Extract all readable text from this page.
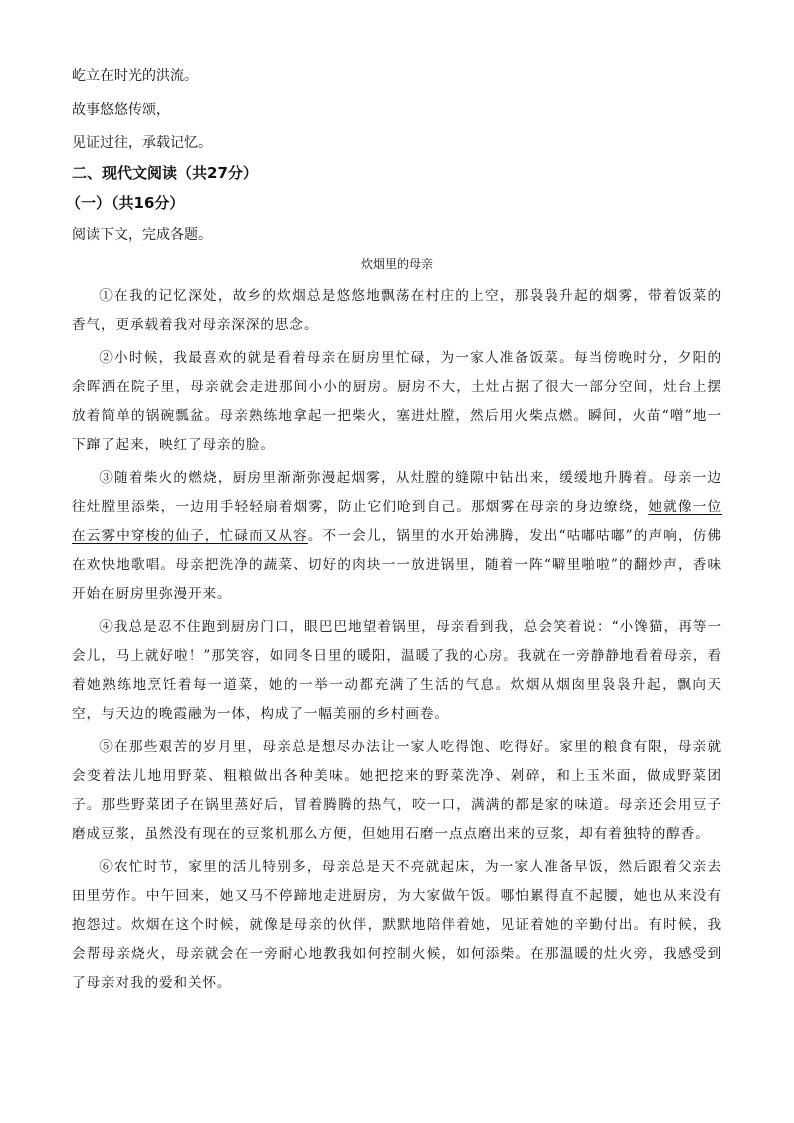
屹立在时光的洪流。
故事悠悠传颂，
见证过往，承载记忆。
二、现代文阅读（共27分）
（一）（共16分）
阅读下文，完成各题。
炊烟里的母亲

①在我的记忆深处，故乡的炊烟总是悠悠地飘荡在村庄的上空，那袅袅升起的烟雾，带着饭菜的香气，更承载着我对母亲深深的思念。

②小时候，我最喜欢的就是看着母亲在厨房里忙碌，为一家人准备饭菜。每当傍晚时分，夕阳的余晖洒在院子里，母亲就会走进那间小小的厨房。厨房不大，土灶占据了很大一部分空间，灶台上摆放着简单的锅碗瓢盆。母亲熟练地拿起一把柴火，塞进灶膛，然后用火柴点燃。瞬间，火苗“噌”地一下蹿了起来，映红了母亲的脸。

③随着柴火的燃烧，厨房里渐渐弥漫起烟雾，从灶膛的缝隙中钻出来，缓缓地升腾着。母亲一边往灶膛里添柴，一边用手轻轻扇着烟雾，防止它们呛到自己。那烟雾在母亲的身边缭绕，她就像一位在云雾中穿梭的仙子，忙碌而又从容。不一会儿，锅里的水开始沸腾，发出“咕嘟咕嘟”的声响，仿佛在欢快地歌唱。母亲把洗净的蔬菜、切好的肉块一一放进锅里，随着一阵“噼里啪啦”的翻炒声，香味开始在厨房里弥漫开来。

④我总是忍不住跑到厨房门口，眼巴巴地望着锅里，母亲看到我，总会笑着说：“小馋猫，再等一会儿，马上就好啦！”那笑容，如同冬日里的暖阳，温暖了我的心房。我就在一旁静静地看着母亲，看着她熟练地烹饪着每一道菜，她的一举一动都充满了生活的气息。炊烟从烟囱里袅袅升起，飘向天空，与天边的晚霞融为一体，构成了一幅美丽的乡村画卷。

⑤在那些艰苦的岁月里，母亲总是想尽办法让一家人吃得饱、吃得好。家里的粮食有限，母亲就会变着法儿地用野菜、粗粮做出各种美味。她把挖来的野菜洗净、剁碎，和上玉米面，做成野菜团子。那些野菜团子在锅里蒸好后，冒着腾腾的热气，咬一口，满满的都是家的味道。母亲还会用豆子磨成豆浆，虽然没有现在的豆浆机那么方便，但她用石磨一点点磨出来的豆浆，却有着独特的醇香。

⑥农忙时节，家里的活儿特别多，母亲总是天不亮就起床，为一家人准备早饭，然后跟着父亲去田里劳作。中午回来，她又马不停蹄地走进厨房，为大家做午饭。哪怕累得直不起腰，她也从来没有抱怨过。炊烟在这个时候，就像是母亲的伙伴，默默地陪伴着她，见证着她的辛勤付出。有时候，我会帮母亲烧火，母亲就会在一旁耐心地教我如何控制火候，如何添柴。在那温暖的灶火旁，我感受到了母亲对我的爱和关怀。
